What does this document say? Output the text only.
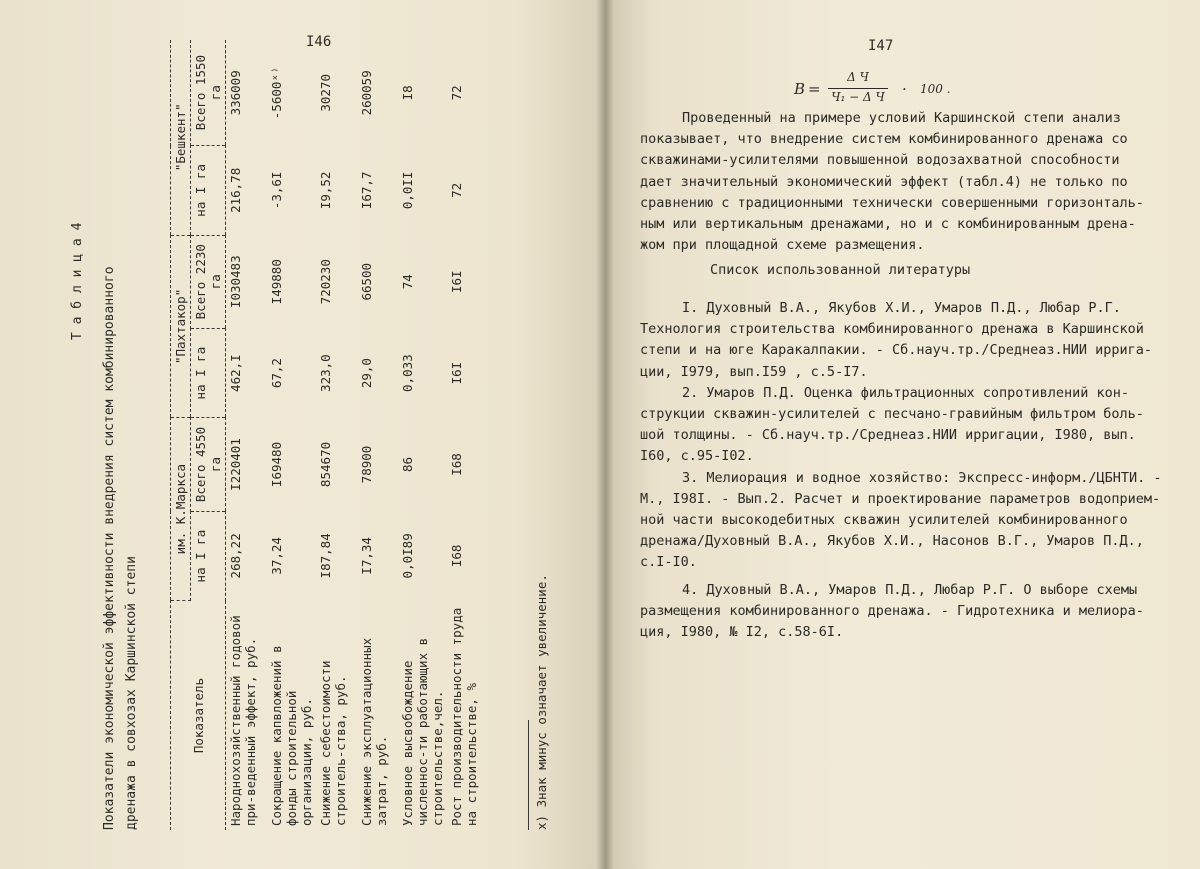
I46
Т а б л и ц а 4 Показатели экономической эффективности внедрения систем комбинированного дренажа в совхозах Каршинской степи	Показатель	им. К.Маркса		"Пахтакор"		"Бешкент"	
	на I га	Всего 4550 га	на I га	Всего 2230 га	на I га	Всего 1550 га
Народнохозяйственный годовой при-веденный эффект, руб.	268,22	I220401	462,I	I030483	216,78	336009
Сокращение капвложений в фонды строительной организации, руб.	37,24	I69480	67,2	I49880	-3,6I	-5600ˣ⁾
Снижение себестоимости строитель-ства, руб.	I87,84	854670	323,0	720230	I9,52	30270
Снижение эксплуатационных затрат, руб.	I7,34	78900	29,0	66500	I67,7	260059
Условное высвобождение численнос-ти работающих в строительстве,чел.	0,0I89	86	0,033	74	0,0II	I8
Рост производительности труда на строительстве, %	I68	I68	I6I	I6I	72	72
х) Знак минус означает увеличение.
I47
B =
Δ Ч
Ч₁ − Δ Ч · 100 .
Проведенный на примере условий Каршинской степи анализ
показывает, что внедрение систем комбинированного дренажа со
скважинами-усилителями повышенной водозахватной способности
дает значительный экономический эффект (табл.4) не только по
сравнению с традиционными технически совершенными горизонталь-
ным или вертикальным дренажами, но и с комбинированным дрена-
жом при площадной схеме размещения.
Список использованной литературы
I. Духовный В.А., Якубов Х.И., Умаров П.Д., Любар Р.Г.
Технология строительства комбинированного дренажа в Каршинской
степи и на юге Каракалпакии. - Сб.науч.тр./Среднеаз.НИИ иррига-
ции, I979, вып.I59 , с.5-I7.
2. Умаров П.Д. Оценка фильтрационных сопротивлений кон-
струкции скважин-усилителей с песчано-гравийным фильтром боль-
шой толщины. - Сб.науч.тр./Среднеаз.НИИ ирригации, I980, вып.
I60, с.95-I02.
3. Мелиорация и водное хозяйство: Экспресс-информ./ЦБНТИ. -
М., I98I. - Вып.2. Расчет и проектирование параметров водоприем-
ной части высокодебитных скважин усилителей комбинированного
дренажа/Духовный В.А., Якубов Х.И., Насонов В.Г., Умаров П.Д.,
с.I-I0.
4. Духовный В.А., Умаров П.Д., Любар Р.Г. О выборе схемы
размещения комбинированного дренажа. - Гидротехника и мелиора-
ция, I980, № I2, с.58-6I.
